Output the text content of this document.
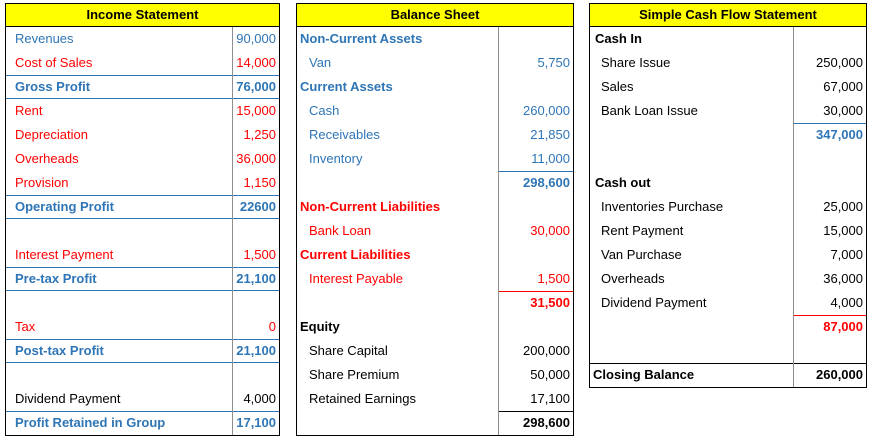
Income Statement
Revenues	90,000
Cost of Sales	14,000
Gross Profit	76,000
Rent	15,000
Depreciation	1,250
Overheads	36,000
Provision	1,150
Operating Profit	22600
Interest Payment	1,500
Pre-tax Profit	21,100
Tax	0
Post-tax Profit	21,100
Dividend Payment	4,000
Profit Retained in Group	17,100
Balance Sheet
Non-Current Assets
Van	5,750
Current Assets
Cash	260,000
Receivables	21,850
Inventory	11,000
298,600
Non-Current Liabilities
Bank Loan	30,000
Current Liabilities
Interest Payable	1,500
31,500
Equity
Share Capital	200,000
Share Premium	50,000
Retained Earnings	17,100
298,600
Simple Cash Flow Statement
Cash In
Share Issue	250,000
Sales	67,000
Bank Loan Issue	30,000
347,000
Cash out
Inventories Purchase	25,000
Rent Payment	15,000
Van Purchase	7,000
Overheads	36,000
Dividend Payment	4,000
87,000
Closing Balance	260,000
